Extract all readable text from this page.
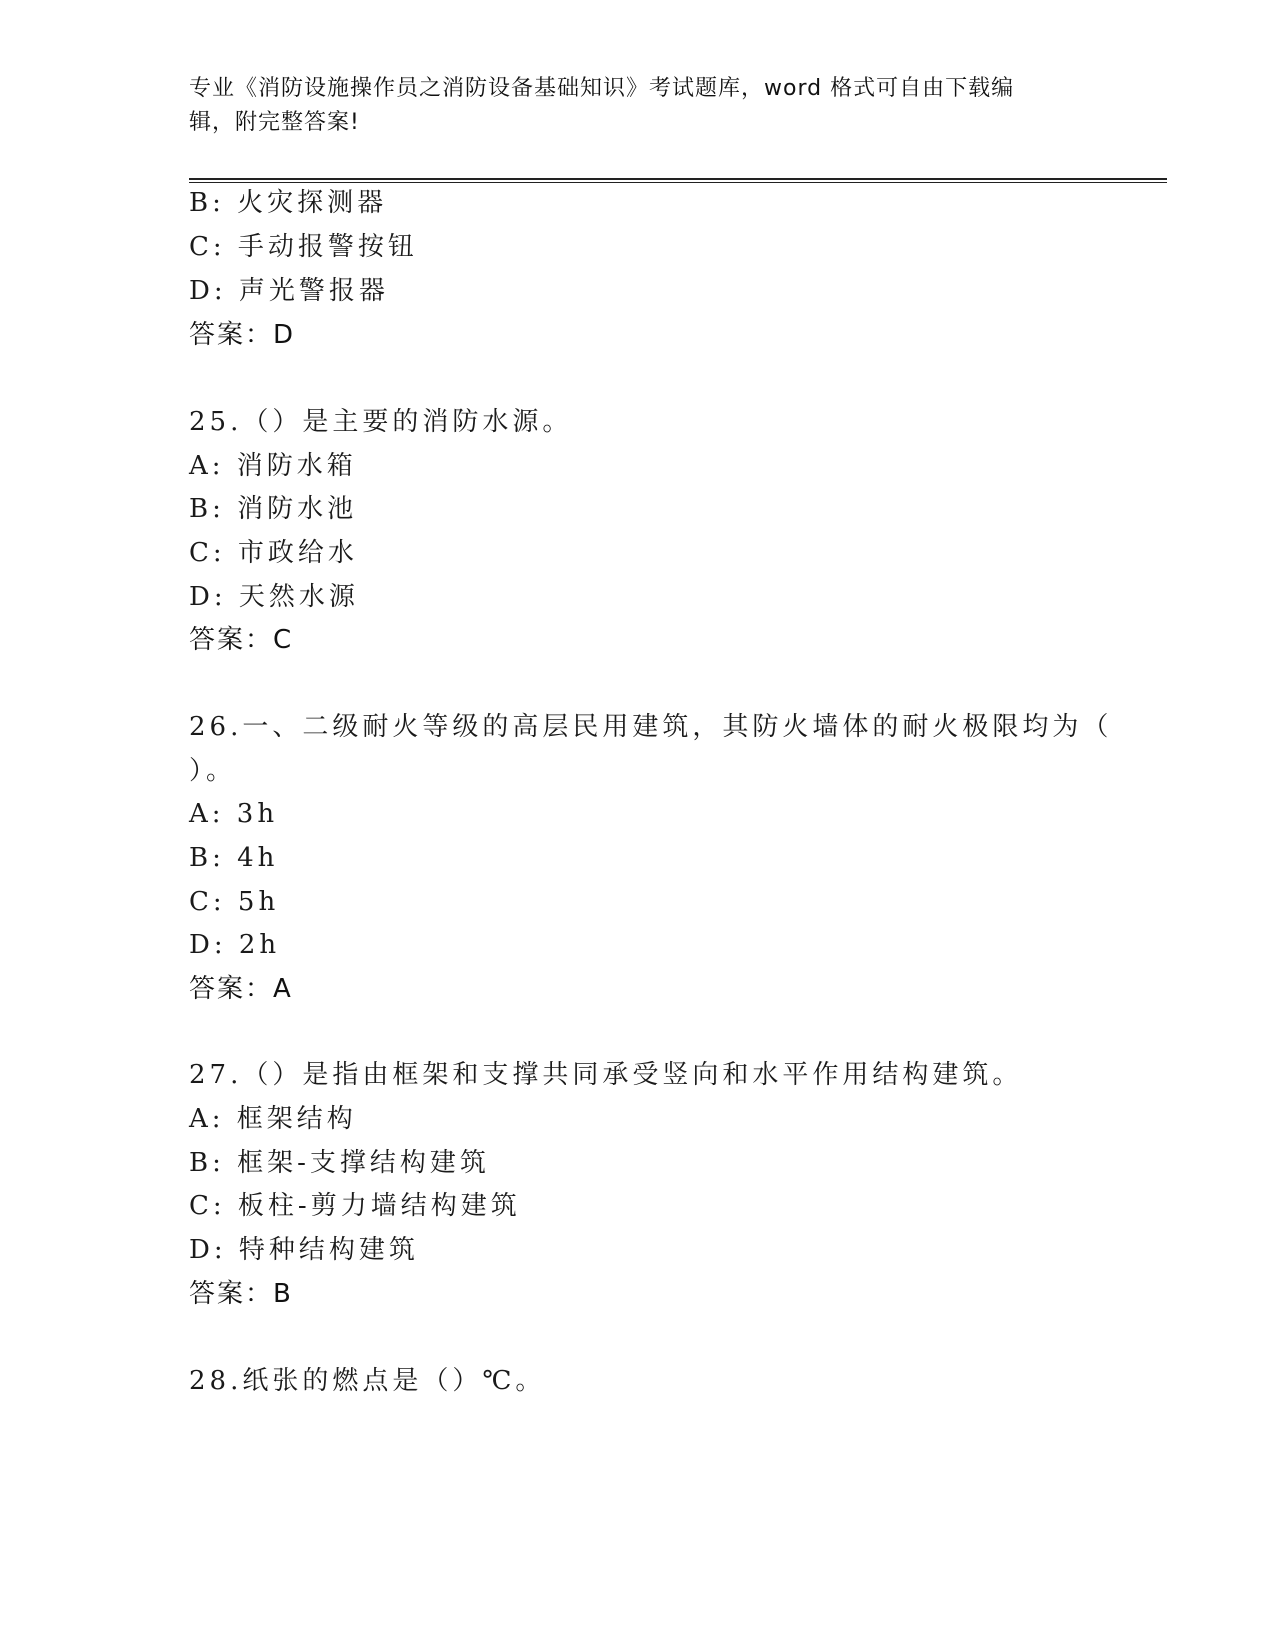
专业《消防设施操作员之消防设备基础知识》考试题库，word 格式可自由下载编
辑，附完整答案!
B: 火灾探测器
C: 手动报警按钮
D: 声光警报器
答案：D
25.（）是主要的消防水源。
A: 消防水箱
B: 消防水池
C: 市政给水
D: 天然水源
答案：C
26.一、二级耐火等级的高层民用建筑，其防火墙体的耐火极限均为（
）。
A: 3h
B: 4h
C: 5h
D: 2h
答案：A
27.（）是指由框架和支撑共同承受竖向和水平作用结构建筑。
A: 框架结构
B: 框架-支撑结构建筑
C: 板柱-剪力墙结构建筑
D: 特种结构建筑
答案：B
28.纸张的燃点是（）℃。
